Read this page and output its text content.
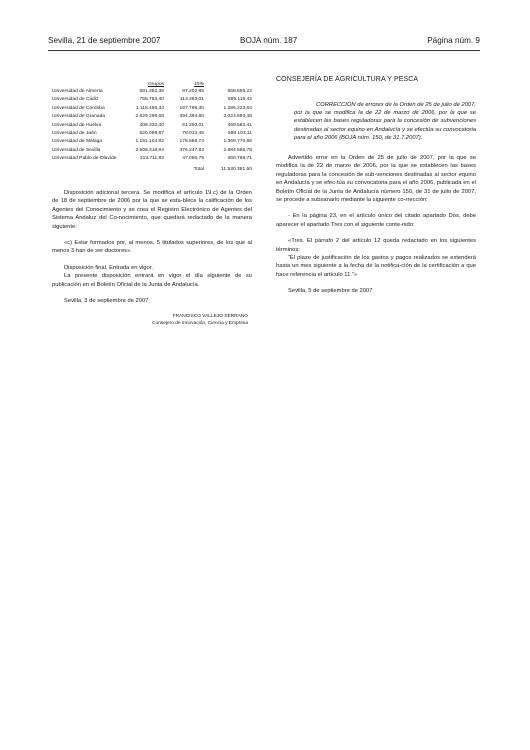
Sevilla, 21 de septiembre 2007	BOJA núm. 187	Página núm. 9
	Grupos	15%	
Universidad de Almería	581.352,36	87.202,85	668.555,22
Universidad de Cádiz	755.753,40	113.363,01	869.116,42
Universidad de Córdoba	1.118.455,34	167.768,30	1.286.223,64
Universidad de Granada	2.629.298,68	394.394,80	3.023.693,48
Universidad de Huelva	408.333,40	61.250,01	469.583,41
Universidad de Jaén	520.089,67	78.013,45	598.103,11
Universidad de Málaga	1.191.104,92	178.665,74	1.369.770,66
Universidad de Sevilla	2.508.318,94	376.247,84	2.884.566,78
Universidad Pablo de Olavide	313.711,93	47.056,79	360.768,71
		Total	11.530.381,50

Disposición adicional tercera. Se modifica el artículo 19.c) de la Orden de 18 de septiembre de 2006 por la que se esta-blece la calificación de los Agentes del Conocimiento y se crea el Registro Electrónico de Agentes del Sistema Andaluz del Co-nocimiento, que quedará redactado de la manera siguiente:

«c) Estar formados por, al menos, 5 titulados superiores, de los que al menos 3 han de ser doctores».

Disposición final. Entrada en vigor.

La presente disposición entrará en vigor el día siguiente de su publicación en el Boletín Oficial de la Junta de Andalucía.

Sevilla, 3 de septiembre de 2007

FRANCISCO VALLEJO SERRANO

Consejero de Innovación, Ciencia y Empresa

CONSEJERÍA DE AGRICULTURA Y PESCA

CORRECCIÓN de errores de la Orden de 25 de julio de 2007, por la que se modifica la de 22 de marzo de 2006, por la que se establecen las bases reguladoras para la concesión de subvenciones destinadas al sector equino en Andalucía y se efectúa su convocatoria para el año 2006 (BOJA núm. 150, de 31.7.2007).

Advertido error en la Orden de 25 de julio de 2007, por la que se modifica la de 22 de marzo de 2006, por la que se establecen las bases reguladoras para la concesión de sub-venciones destinadas al sector equino en Andalucía y se efec-túa su convocatoria para el año 2006, publicada en el Boletín Oficial de la Junta de Andalucía número 150, de 31 de julio de 2007, se procede a subsanarlo mediante la siguiente co-rrección:

- En la página 23, en el artículo único del citado apartado Dos, debe aparecer el apartado Tres con el siguiente conte-nido:

«Tres. El párrafo 2 del artículo 12 queda redactado en los siguientes términos:

“El plazo de justificación de los gastos y pagos realizados se extenderá hasta un mes siguiente a la fecha de la notifica-ción de la certificación a que hace referencia el artículo 11.”»

Sevilla, 5 de septiembre de 2007
